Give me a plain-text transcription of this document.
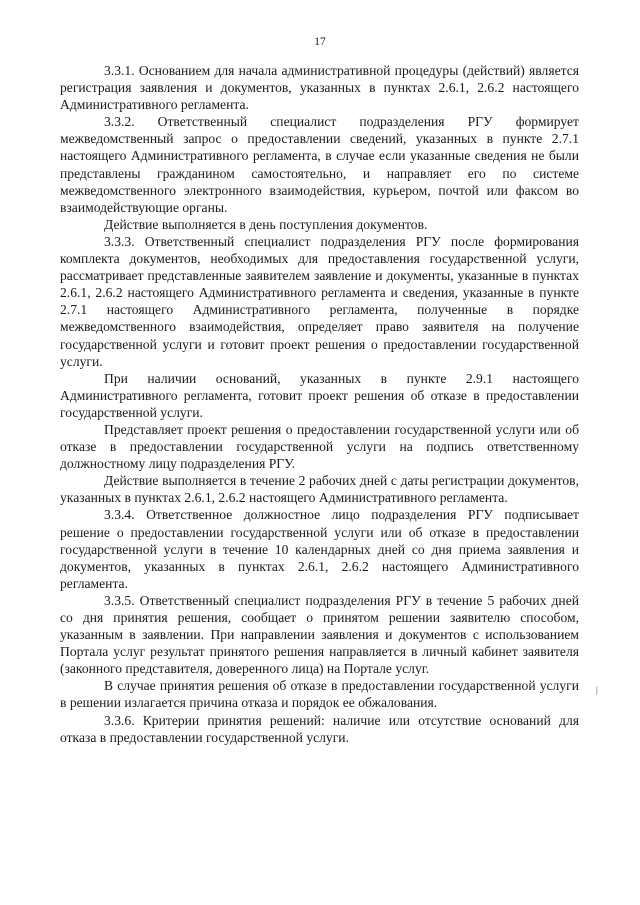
17

3.3.1. Основанием для начала административной процедуры (действий) является регистрация заявления и документов, указанных в пунктах 2.6.1, 2.6.2 настоящего Административного регламента.

3.3.2. Ответственный специалист подразделения РГУ формирует межведомственный запрос о предоставлении сведений, указанных в пункте 2.7.1 настоящего Административного регламента, в случае если указанные сведения не были представлены гражданином самостоятельно, и направляет его по системе межведомственного электронного взаимодействия, курьером, почтой или факсом во взаимодействующие органы.

Действие выполняется в день поступления документов.

3.3.3. Ответственный специалист подразделения РГУ после формирования комплекта документов, необходимых для предоставления государственной услуги, рассматривает представленные заявителем заявление и документы, указанные в пунктах 2.6.1, 2.6.2 настоящего Административного регламента и сведения, указанные в пункте 2.7.1 настоящего Административного регламента, полученные в порядке межведомственного взаимодействия, определяет право заявителя на получение государственной услуги и готовит проект решения о предоставлении государственной услуги.

При наличии оснований, указанных в пункте 2.9.1 настоящего Административного регламента, готовит проект решения об отказе в предоставлении государственной услуги.

Представляет проект решения о предоставлении государственной услуги или об отказе в предоставлении государственной услуги на подпись ответственному должностному лицу подразделения РГУ.

Действие выполняется в течение 2 рабочих дней с даты регистрации документов, указанных в пунктах 2.6.1, 2.6.2 настоящего Административного регламента.

3.3.4. Ответственное должностное лицо подразделения РГУ подписывает решение о предоставлении государственной услуги или об отказе в предоставлении государственной услуги в течение 10 календарных дней со дня приема заявления и документов, указанных в пунктах 2.6.1, 2.6.2 настоящего Административного регламента.

3.3.5. Ответственный специалист подразделения РГУ в течение 5 рабочих дней со дня принятия решения, сообщает о принятом решении заявителю способом, указанным в заявлении. При направлении заявления и документов с использованием Портала услуг результат принятого решения направляется в личный кабинет заявителя (законного представителя, доверенного лица) на Портале услуг.

В случае принятия решения об отказе в предоставлении государственной услуги в решении излагается причина отказа и порядок ее обжалования.

3.3.6. Критерии принятия решений: наличие или отсутствие оснований для отказа в предоставлении государственной услуги.

|
